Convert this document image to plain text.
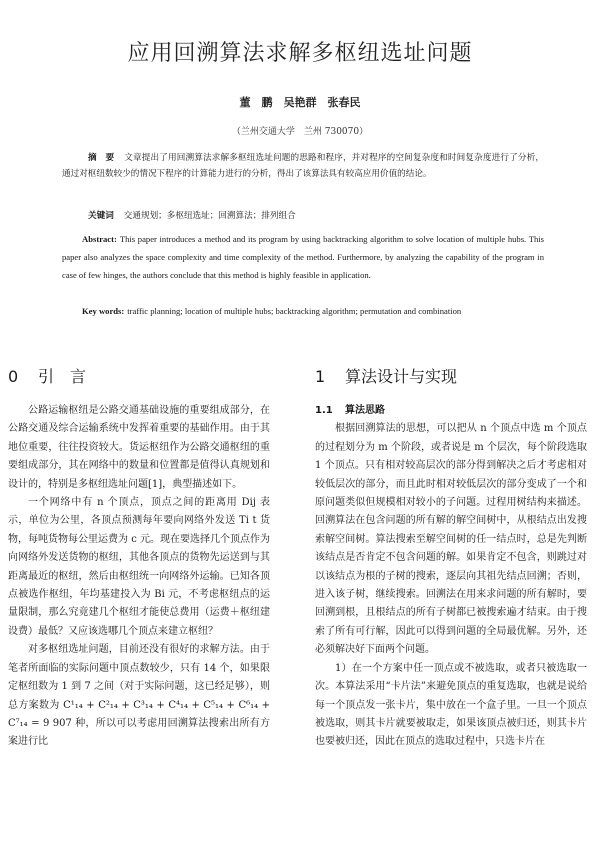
应用回溯算法求解多枢纽选址问题
董　鹏　吴艳群　张春民
（兰州交通大学　兰州 730070）
摘　要 文章提出了用回溯算法求解多枢纽选址问题的思路和程序，并对程序的空间复杂度和时间复杂度进行了分析，通过对枢纽数较少的情况下程序的计算能力进行的分析，得出了该算法具有较高应用价值的结论。
关键词 交通规划；多枢纽选址；回溯算法；排列组合
Abstract: This paper introduces a method and its program by using backtracking algorithm to solve location of multiple hubs. This paper also analyzes the space complexity and time complexity of the method. Furthermore, by analyzing the capability of the program in case of few hinges, the authors conclude that this method is highly feasible in application.
Key words: traffic planning; location of multiple hubs; backtracking algorithm; permutation and combination
0 引　言

公路运输枢纽是公路交通基础设施的重要组成部分，在公路交通及综合运输系统中发挥着重要的基础作用。由于其地位重要，往往投资较大。货运枢纽作为公路交通枢纽的重要组成部分，其在网络中的数量和位置都是值得认真规划和设计的，特别是多枢纽选址问题[1]，典型描述如下。

一个网络中有 n 个顶点，顶点之间的距离用 Dij 表示，单位为公里，各顶点预测每年要向网络外发送 Ti t 货物，每吨货物每公里运费为 c 元。现在要选择几个顶点作为向网络外发送货物的枢纽，其他各顶点的货物先运送到与其距离最近的枢纽，然后由枢纽统一向网络外运输。已知各顶点被选作枢纽，年均基建投入为 Bi 元，不考虑枢纽点的运量限制，那么究竟建几个枢纽才能使总费用（运费＋枢纽建设费）最低？又应该选哪几个顶点来建立枢纽？

对多枢纽选址问题，目前还没有很好的求解方法。由于笔者所面临的实际问题中顶点数较少，只有 14 个，如果限定枢纽数为 1 到 7 之间（对于实际问题，这已经足够），则总方案数为 C¹₁₄ + C²₁₄ + C³₁₄ + C⁴₁₄ + C⁵₁₄ + C⁶₁₄ + C⁷₁₄ = 9 907 种，所以可以考虑用回溯算法搜索出所有方案进行比

1 算法设计与实现
1.1 算法思路

根据回溯算法的思想，可以把从 n 个顶点中选 m 个顶点的过程划分为 m 个阶段，或者说是 m 个层次，每个阶段选取 1 个顶点。只有相对较高层次的部分得到解决之后才考虑相对较低层次的部分，而且此时相对较低层次的部分变成了一个和原问题类似但规模相对较小的子问题。过程用树结构来描述。回溯算法在包含问题的所有解的解空间树中，从根结点出发搜索解空间树。算法搜索至解空间树的任一结点时，总是先判断该结点是否肯定不包含问题的解。如果肯定不包含，则跳过对以该结点为根的子树的搜索，逐层向其祖先结点回溯；否则，进入该子树，继续搜索。回溯法在用来求问题的所有解时，要回溯到根，且根结点的所有子树都已被搜索遍才结束。由于搜索了所有可行解，因此可以得到问题的全局最优解。另外，还必须解决好下面两个问题。

1）在一个方案中任一顶点或不被选取，或者只被选取一次。本算法采用“卡片法”来避免顶点的重复选取，也就是说给每一个顶点发一张卡片，集中放在一个盒子里。一旦一个顶点被选取，则其卡片就要被取走，如果该顶点被归还，则其卡片也要被归还，因此在顶点的选取过程中，只选卡片在
